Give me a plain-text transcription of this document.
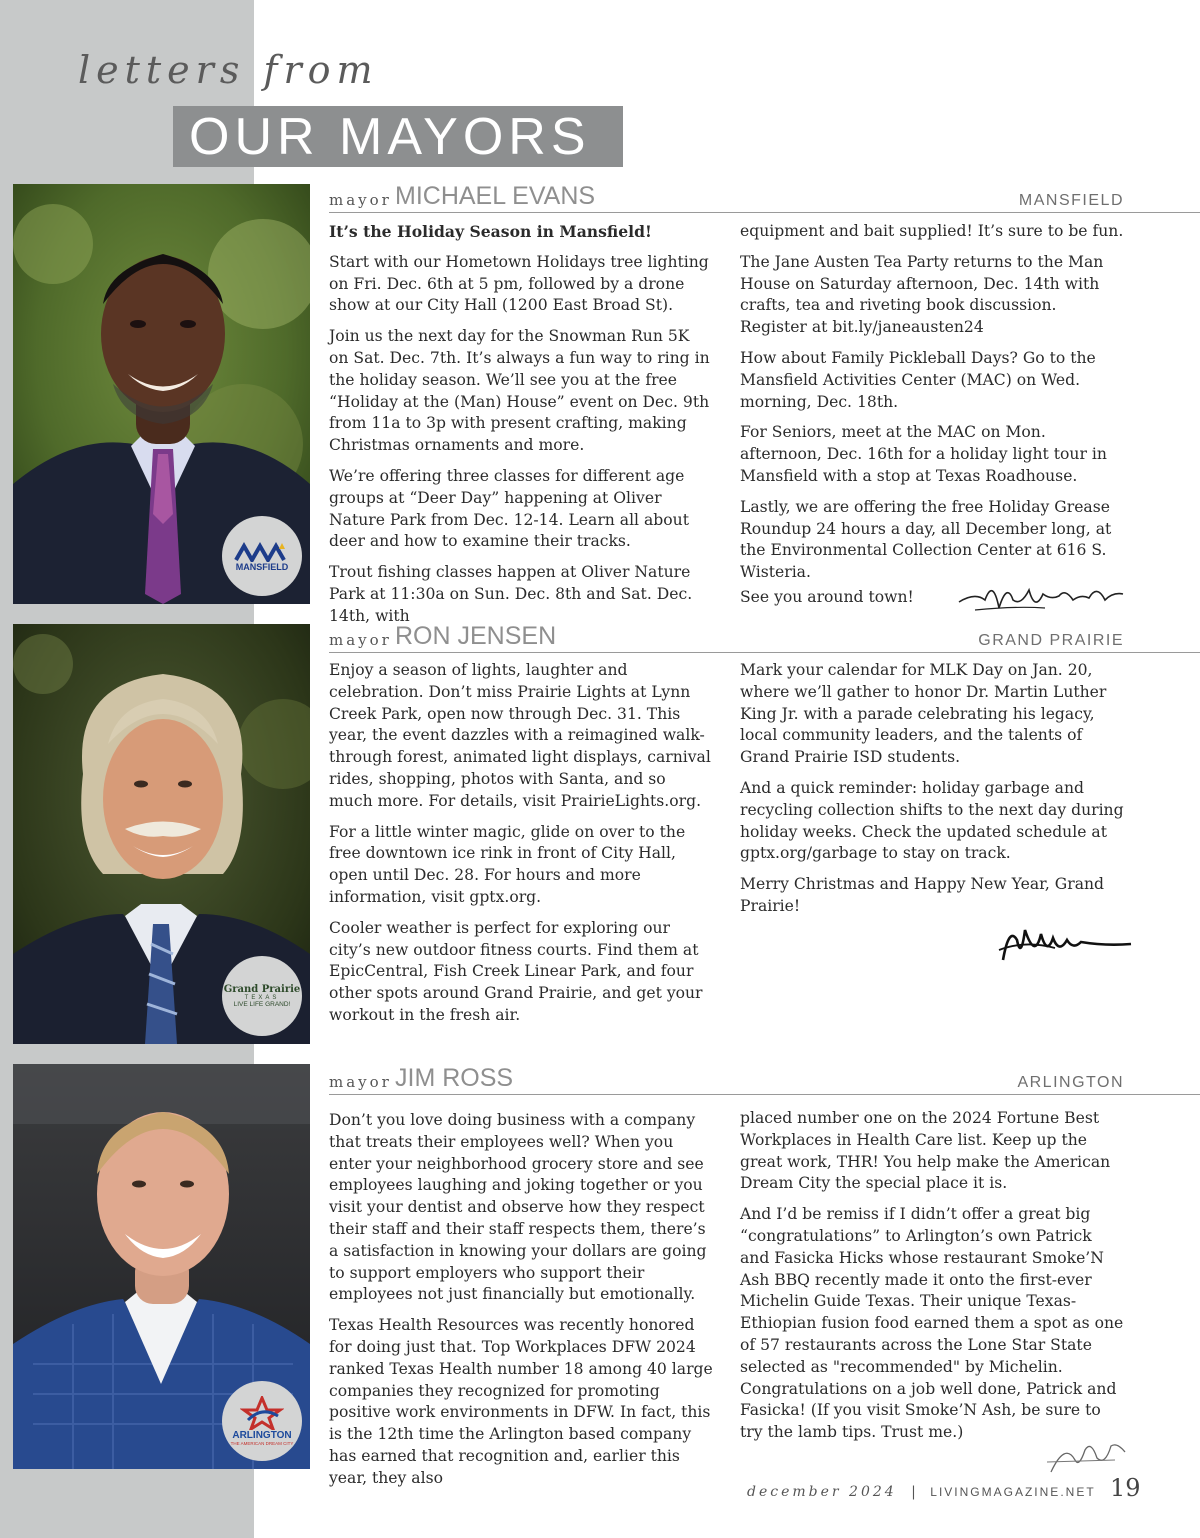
letters from
OUR MAYORS
MANSFIELD
mayor MICHAEL EVANS	MANSFIELD

It’s the Holiday Season in Mansfield!

Start with our Hometown Holidays tree lighting on Fri. Dec. 6th at 5 pm, followed by a drone show at our City Hall (1200 East Broad St).

Join us the next day for the Snowman Run 5K on Sat. Dec. 7th. It’s always a fun way to ring in the holiday season. We’ll see you at the free “Holiday at the (Man) House” event on Dec. 9th from 11a to 3p with present crafting, making Christmas ornaments and more.

We’re offering three classes for different age groups at “Deer Day” happening at Oliver Nature Park from Dec. 12-14. Learn all about deer and how to examine their tracks.

Trout fishing classes happen at Oliver Nature Park at 11:30a on Sun. Dec. 8th and Sat. Dec. 14th, with

equipment and bait supplied! It’s sure to be fun.

The Jane Austen Tea Party returns to the Man House on Saturday afternoon, Dec. 14th with crafts, tea and riveting book discussion. Register at bit.ly/janeausten24

How about Family Pickleball Days? Go to the Mansfield Activities Center (MAC) on Wed. morning, Dec. 18th.

For Seniors, meet at the MAC on Mon. afternoon, Dec. 16th for a holiday light tour in Mansfield with a stop at Texas Roadhouse.

Lastly, we are offering the free Holiday Grease Roundup 24 hours a day, all December long, at the Environmental Collection Center at 616 S. Wisteria.

See you around town!

Grand Prairie
TEXAS
LIVE LIFE GRAND!
mayor RON JENSEN	GRAND PRAIRIE

Enjoy a season of lights, laughter and celebration. Don’t miss Prairie Lights at Lynn Creek Park, open now through Dec. 31. This year, the event dazzles with a reimagined walk-through forest, animated light displays, carnival rides, shopping, photos with Santa, and so much more. For details, visit PrairieLights.org.

For a little winter magic, glide on over to the free downtown ice rink in front of City Hall, open until Dec. 28. For hours and more information, visit gptx.org.

Cooler weather is perfect for exploring our city’s new outdoor fitness courts. Find them at EpicCentral, Fish Creek Linear Park, and four other spots around Grand Prairie, and get your workout in the fresh air.

Mark your calendar for MLK Day on Jan. 20, where we’ll gather to honor Dr. Martin Luther King Jr. with a parade celebrating his legacy, local community leaders, and the talents of Grand Prairie ISD students.

And a quick reminder: holiday garbage and recycling collection shifts to the next day during holiday weeks. Check the updated schedule at gptx.org/garbage to stay on track.

Merry Christmas and Happy New Year, Grand Prairie!

ARLINGTON
THE AMERICAN DREAM CITY
mayor JIM ROSS	ARLINGTON

Don’t you love doing business with a company that treats their employees well? When you enter your neighborhood grocery store and see employees laughing and joking together or you visit your dentist and observe how they respect their staff and their staff respects them, there’s a satisfaction in knowing your dollars are going to support employers who support their employees not just financially but emotionally.

Texas Health Resources was recently honored for doing just that. Top Workplaces DFW 2024 ranked Texas Health number 18 among 40 large companies they recognized for promoting positive work environments in DFW. In fact, this is the 12th time the Arlington based company has earned that recognition and, earlier this year, they also

placed number one on the 2024 Fortune Best Workplaces in Health Care list. Keep up the great work, THR! You help make the American Dream City the special place it is.

And I’d be remiss if I didn’t offer a great big “congratulations” to Arlington’s own Patrick and Fasicka Hicks whose restaurant Smoke’N Ash BBQ recently made it onto the first-ever Michelin Guide Texas. Their unique Texas-Ethiopian fusion food earned them a spot as one of 57 restaurants across the Lone Star State selected as "recommended" by Michelin. Congratulations on a job well done, Patrick and Fasicka! (If you visit Smoke’N Ash, be sure to try the lamb tips. Trust me.)

december 2024 | LIVINGMAGAZINE.NET 19
